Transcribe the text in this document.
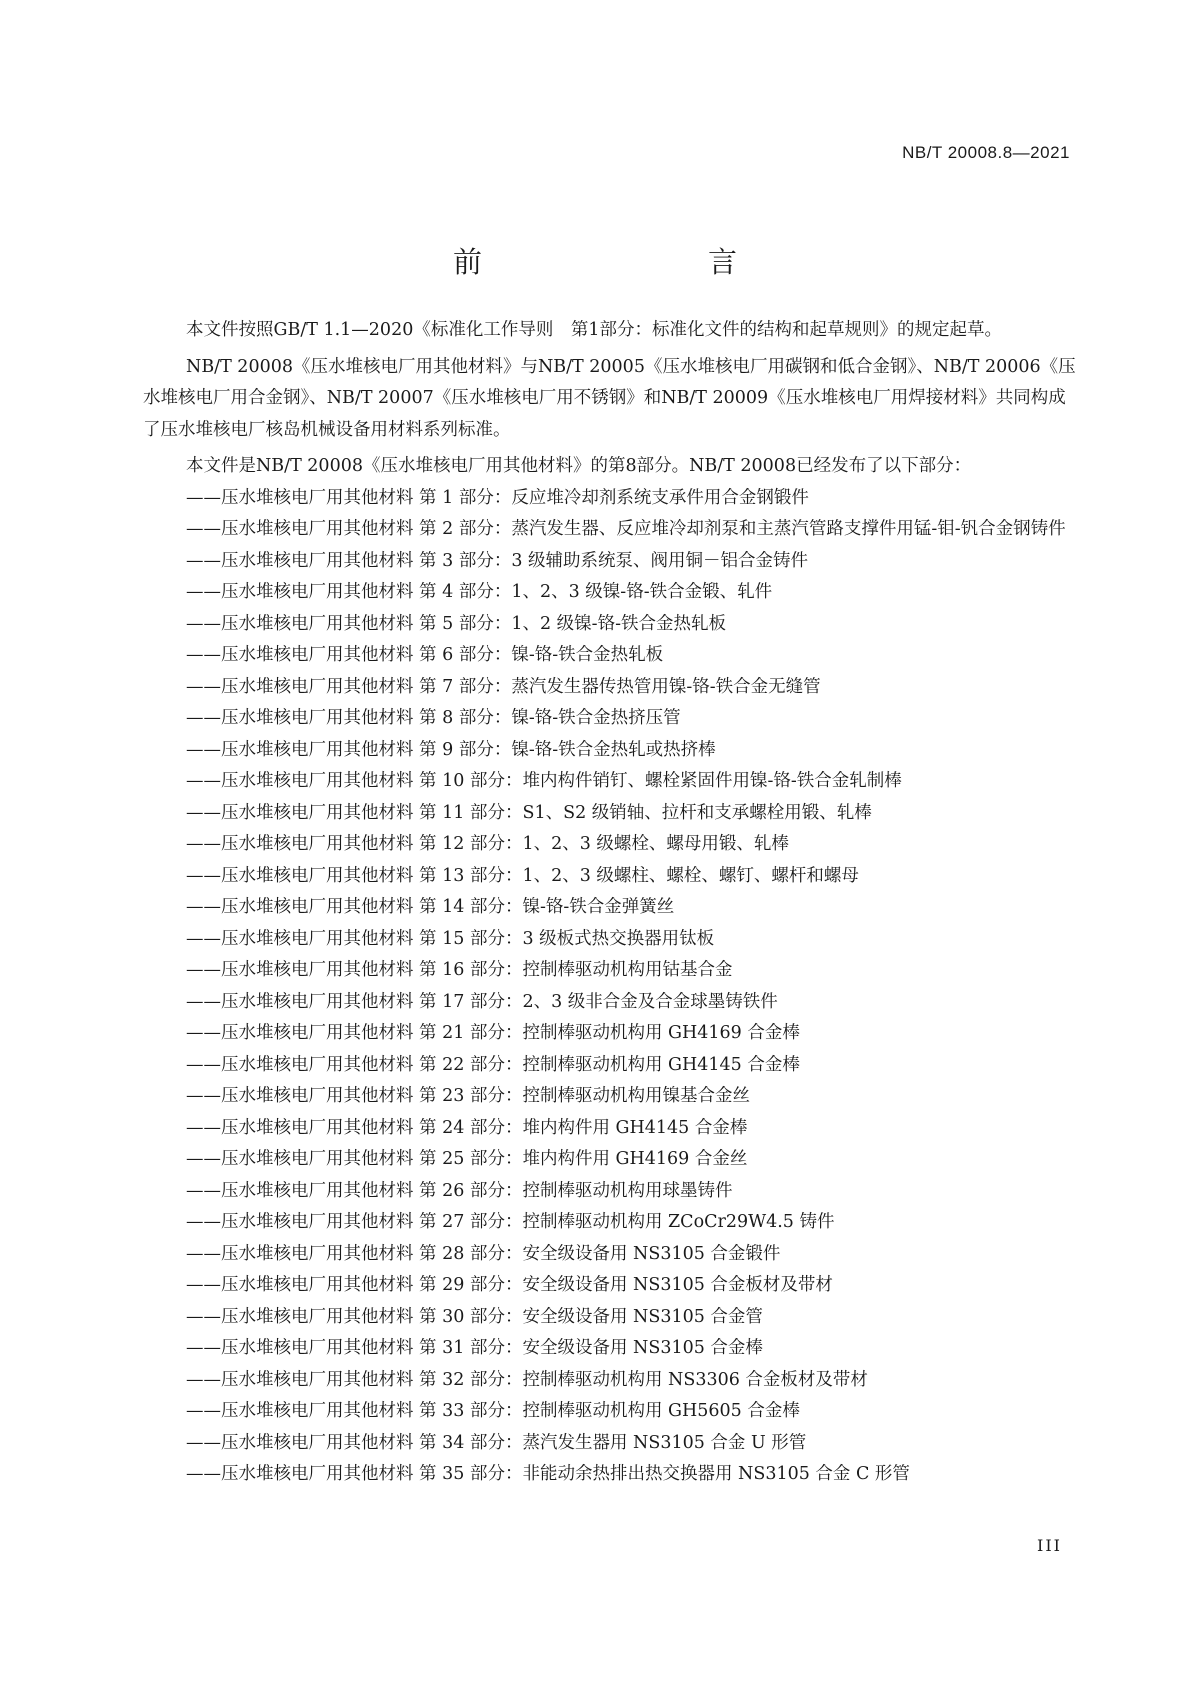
NB/T 20008.8—2021
前　　言

本文件按照GB/T 1.1—2020《标准化工作导则　第1部分：标准化文件的结构和起草规则》的规定起草。

NB/T 20008《压水堆核电厂用其他材料》与NB/T 20005《压水堆核电厂用碳钢和低合金钢》、NB/T 20006《压水堆核电厂用合金钢》、NB/T 20007《压水堆核电厂用不锈钢》和NB/T 20009《压水堆核电厂用焊接材料》共同构成了压水堆核电厂核岛机械设备用材料系列标准。

本文件是NB/T 20008《压水堆核电厂用其他材料》的第8部分。NB/T 20008已经发布了以下部分：

——压水堆核电厂用其他材料 第 1 部分：反应堆冷却剂系统支承件用合金钢锻件
——压水堆核电厂用其他材料 第 2 部分：蒸汽发生器、反应堆冷却剂泵和主蒸汽管路支撑件用锰-钼-钒合金钢铸件
——压水堆核电厂用其他材料 第 3 部分：3 级辅助系统泵、阀用铜－铝合金铸件
——压水堆核电厂用其他材料 第 4 部分：1、2、3 级镍-铬-铁合金锻、轧件
——压水堆核电厂用其他材料 第 5 部分：1、2 级镍-铬-铁合金热轧板
——压水堆核电厂用其他材料 第 6 部分：镍-铬-铁合金热轧板
——压水堆核电厂用其他材料 第 7 部分：蒸汽发生器传热管用镍-铬-铁合金无缝管
——压水堆核电厂用其他材料 第 8 部分：镍-铬-铁合金热挤压管
——压水堆核电厂用其他材料 第 9 部分：镍-铬-铁合金热轧或热挤棒
——压水堆核电厂用其他材料 第 10 部分：堆内构件销钉、螺栓紧固件用镍-铬-铁合金轧制棒
——压水堆核电厂用其他材料 第 11 部分：S1、S2 级销轴、拉杆和支承螺栓用锻、轧棒
——压水堆核电厂用其他材料 第 12 部分：1、2、3 级螺栓、螺母用锻、轧棒
——压水堆核电厂用其他材料 第 13 部分：1、2、3 级螺柱、螺栓、螺钉、螺杆和螺母
——压水堆核电厂用其他材料 第 14 部分：镍-铬-铁合金弹簧丝
——压水堆核电厂用其他材料 第 15 部分：3 级板式热交换器用钛板
——压水堆核电厂用其他材料 第 16 部分：控制棒驱动机构用钴基合金
——压水堆核电厂用其他材料 第 17 部分：2、3 级非合金及合金球墨铸铁件
——压水堆核电厂用其他材料 第 21 部分：控制棒驱动机构用 GH4169 合金棒
——压水堆核电厂用其他材料 第 22 部分：控制棒驱动机构用 GH4145 合金棒
——压水堆核电厂用其他材料 第 23 部分：控制棒驱动机构用镍基合金丝
——压水堆核电厂用其他材料 第 24 部分：堆内构件用 GH4145 合金棒
——压水堆核电厂用其他材料 第 25 部分：堆内构件用 GH4169 合金丝
——压水堆核电厂用其他材料 第 26 部分：控制棒驱动机构用球墨铸件
——压水堆核电厂用其他材料 第 27 部分：控制棒驱动机构用 ZCoCr29W4.5 铸件
——压水堆核电厂用其他材料 第 28 部分：安全级设备用 NS3105 合金锻件
——压水堆核电厂用其他材料 第 29 部分：安全级设备用 NS3105 合金板材及带材
——压水堆核电厂用其他材料 第 30 部分：安全级设备用 NS3105 合金管
——压水堆核电厂用其他材料 第 31 部分：安全级设备用 NS3105 合金棒
——压水堆核电厂用其他材料 第 32 部分：控制棒驱动机构用 NS3306 合金板材及带材
——压水堆核电厂用其他材料 第 33 部分：控制棒驱动机构用 GH5605 合金棒
——压水堆核电厂用其他材料 第 34 部分：蒸汽发生器用 NS3105 合金 U 形管
——压水堆核电厂用其他材料 第 35 部分：非能动余热排出热交换器用 NS3105 合金 C 形管
III
